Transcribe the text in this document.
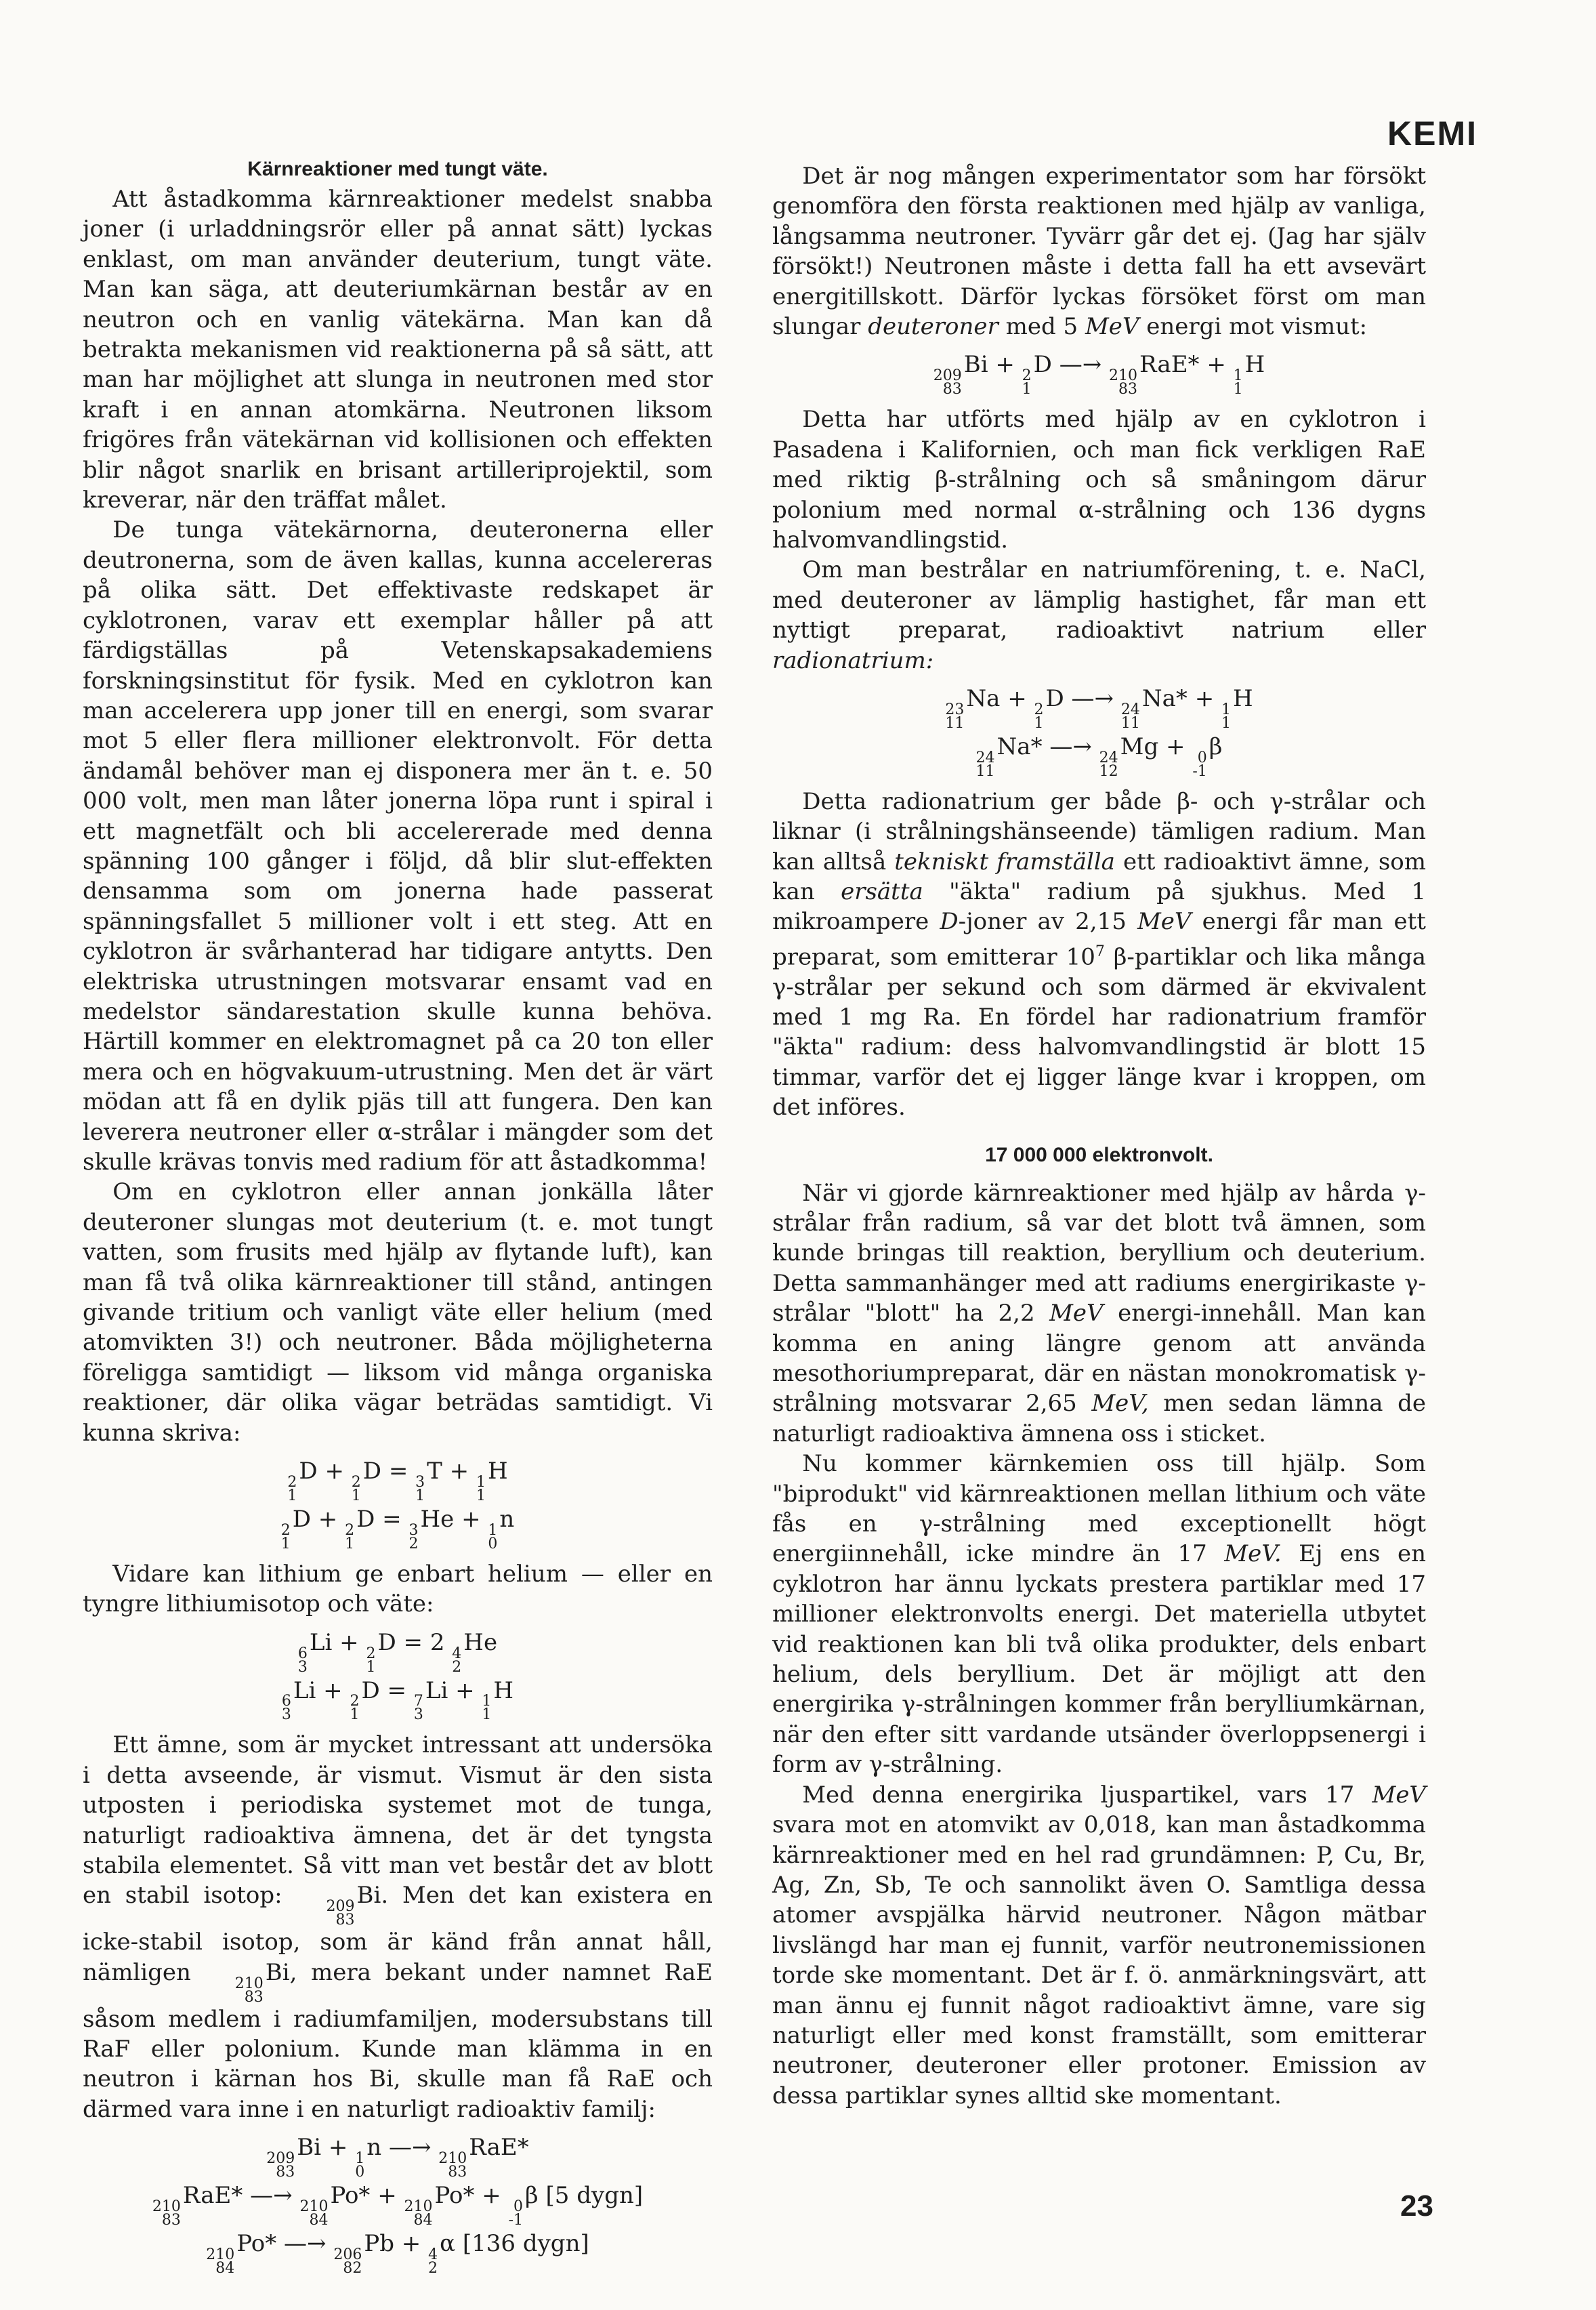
KEMI
Kärnreaktioner med tungt väte.

Att åstadkomma kärnreaktioner medelst snabba joner (i urladdningsrör eller på annat sätt) lyckas enklast, om man använder deuterium, tungt väte. Man kan säga, att deuteriumkärnan består av en neutron och en vanlig vätekärna. Man kan då betrakta mekanismen vid reaktionerna på så sätt, att man har möjlighet att slunga in neutronen med stor kraft i en annan atomkärna. Neutronen liksom frigöres från vätekärnan vid kollisionen och effekten blir något snarlik en brisant artilleriprojektil, som kreverar, när den träffat målet.

De tunga vätekärnorna, deuteronerna eller deutronerna, som de även kallas, kunna accelereras på olika sätt. Det effektivaste redskapet är cyklotronen, varav ett exemplar håller på att färdigställas på Vetenskapsakademiens forskningsinstitut för fysik. Med en cyklotron kan man accelerera upp joner till en energi, som svarar mot 5 eller flera millioner elektronvolt. För detta ändamål behöver man ej disponera mer än t. e. 50 000 volt, men man låter jonerna löpa runt i spiral i ett magnetfält och bli accelererade med denna spänning 100 gånger i följd, då blir slut-effekten densamma som om jonerna hade passerat spänningsfallet 5 millioner volt i ett steg. Att en cyklotron är svårhanterad har tidigare antytts. Den elektriska utrustningen motsvarar ensamt vad en medelstor sändarestation skulle kunna behöva. Härtill kommer en elektromagnet på ca 20 ton eller mera och en högvakuum-utrustning. Men det är värt mödan att få en dylik pjäs till att fungera. Den kan leverera neutroner eller α-strålar i mängder som det skulle krävas tonvis med radium för att åstadkomma!

Om en cyklotron eller annan jonkälla låter deuteroner slungas mot deuterium (t. e. mot tungt vatten, som frusits med hjälp av flytande luft), kan man få två olika kärnreaktioner till stånd, antingen givande tritium och vanligt väte eller helium (med atomvikten 3!) och neutroner. Båda möjligheterna föreligga samtidigt — liksom vid många organiska reaktioner, där olika vägar beträdas samtidigt. Vi kunna skriva:

2
1
D + 2
1
D = 3
1
T + 1
1
H
2
1
D + 2
1
D = 3
2
He + 1
0
n

Vidare kan lithium ge enbart helium — eller en tyngre lithiumisotop och väte:

6
3
Li + 2
1
D = 2 4
2
He
6
3
Li + 2
1
D = 7
3
Li + 1
1
H

Ett ämne, som är mycket intressant att undersöka i detta avseende, är vismut. Vismut är den sista utposten i periodiska systemet mot de tunga, naturligt radioaktiva ämnena, det är det tyngsta stabila elementet. Så vitt man vet består det av blott en stabil isotop:	209
83
Bi. Men det kan existera en icke-stabil isotop, som är känd från annat håll, nämligen	210
83
Bi, mera bekant under namnet RaE såsom medlem i radiumfamiljen, modersubstans till RaF eller polonium. Kunde man klämma in en neutron i kärnan hos Bi, skulle man få RaE och därmed vara inne i en naturligt radioaktiv familj:

209
83
Bi + 1
0
n —→ 210
83
RaE*
210
83
RaE* —→ 210
84
Po* + 210
84
Po* + 0
-1
β [5 dygn]
210
84
Po* —→ 206
82
Pb + 4
2
α [136 dygn]

Det är nog mången experimentator som har försökt genomföra den första reaktionen med hjälp av vanliga, långsamma neutroner. Tyvärr går det ej. (Jag har själv försökt!) Neutronen måste i detta fall ha ett avsevärt energitillskott. Därför lyckas försöket först om man slungar deuteroner med 5 MeV energi mot vismut:

209
83
Bi + 2
1
D —→ 210
83
RaE* + 1
1
H

Detta har utförts med hjälp av en cyklotron i Pasadena i Kalifornien, och man fick verkligen RaE med riktig β-strålning och så småningom därur polonium med normal α-strålning och 136 dygns halvomvandlingstid.

Om man bestrålar en natriumförening, t. e. NaCl, med deuteroner av lämplig hastighet, får man ett nyttigt preparat, radioaktivt natrium eller radionatrium:

23
11
Na + 2
1
D —→ 24
11
Na* + 1
1
H
24
11
Na* —→ 24
12
Mg + 0
-1
β

Detta radionatrium ger både β- och γ-strålar och liknar (i strålningshänseende) tämligen radium. Man kan alltså tekniskt framställa ett radioaktivt ämne, som kan ersätta "äkta" radium på sjukhus. Med 1 mikroampere D-joner av 2,15 MeV energi får man ett preparat, som emitterar $10^7$ β-partiklar och lika många γ-strålar per sekund och som därmed är ekvivalent med 1 mg Ra. En fördel har radionatrium framför "äkta" radium: dess halvomvandlingstid är blott 15 timmar, varför det ej ligger länge kvar i kroppen, om det införes.

17 000 000 elektronvolt.

När vi gjorde kärnreaktioner med hjälp av hårda γ-strålar från radium, så var det blott två ämnen, som kunde bringas till reaktion, beryllium och deuterium. Detta sammanhänger med att radiums energirikaste γ-strålar "blott" ha 2,2 MeV energi-innehåll. Man kan komma en aning längre genom att använda mesothoriumpreparat, där en nästan monokromatisk γ-strålning motsvarar 2,65 MeV, men sedan lämna de naturligt radioaktiva ämnena oss i sticket.

Nu kommer kärnkemien oss till hjälp. Som "biprodukt" vid kärnreaktionen mellan lithium och väte fås en γ-strålning med exceptionellt högt energiinnehåll, icke mindre än 17 MeV. Ej ens en cyklotron har ännu lyckats prestera partiklar med 17 millioner elektronvolts energi. Det materiella utbytet vid reaktionen kan bli två olika produkter, dels enbart helium, dels beryllium. Det är möjligt att den energirika γ-strålningen kommer från berylliumkärnan, när den efter sitt vardande utsänder överloppsenergi i form av γ-strålning.

Med denna energirika ljuspartikel, vars 17 MeV svara mot en atomvikt av 0,018, kan man åstadkomma kärnreaktioner med en hel rad grundämnen: P, Cu, Br, Ag, Zn, Sb, Te och sannolikt även O. Samtliga dessa atomer avspjälka härvid neutroner. Någon mätbar livslängd har man ej funnit, varför neutronemissionen torde ske momentant. Det är f. ö. anmärkningsvärt, att man ännu ej funnit något radioaktivt ämne, vare sig naturligt eller med konst framställt, som emitterar neutroner, deuteroner eller protoner. Emission av dessa partiklar synes alltid ske momentant.

23
